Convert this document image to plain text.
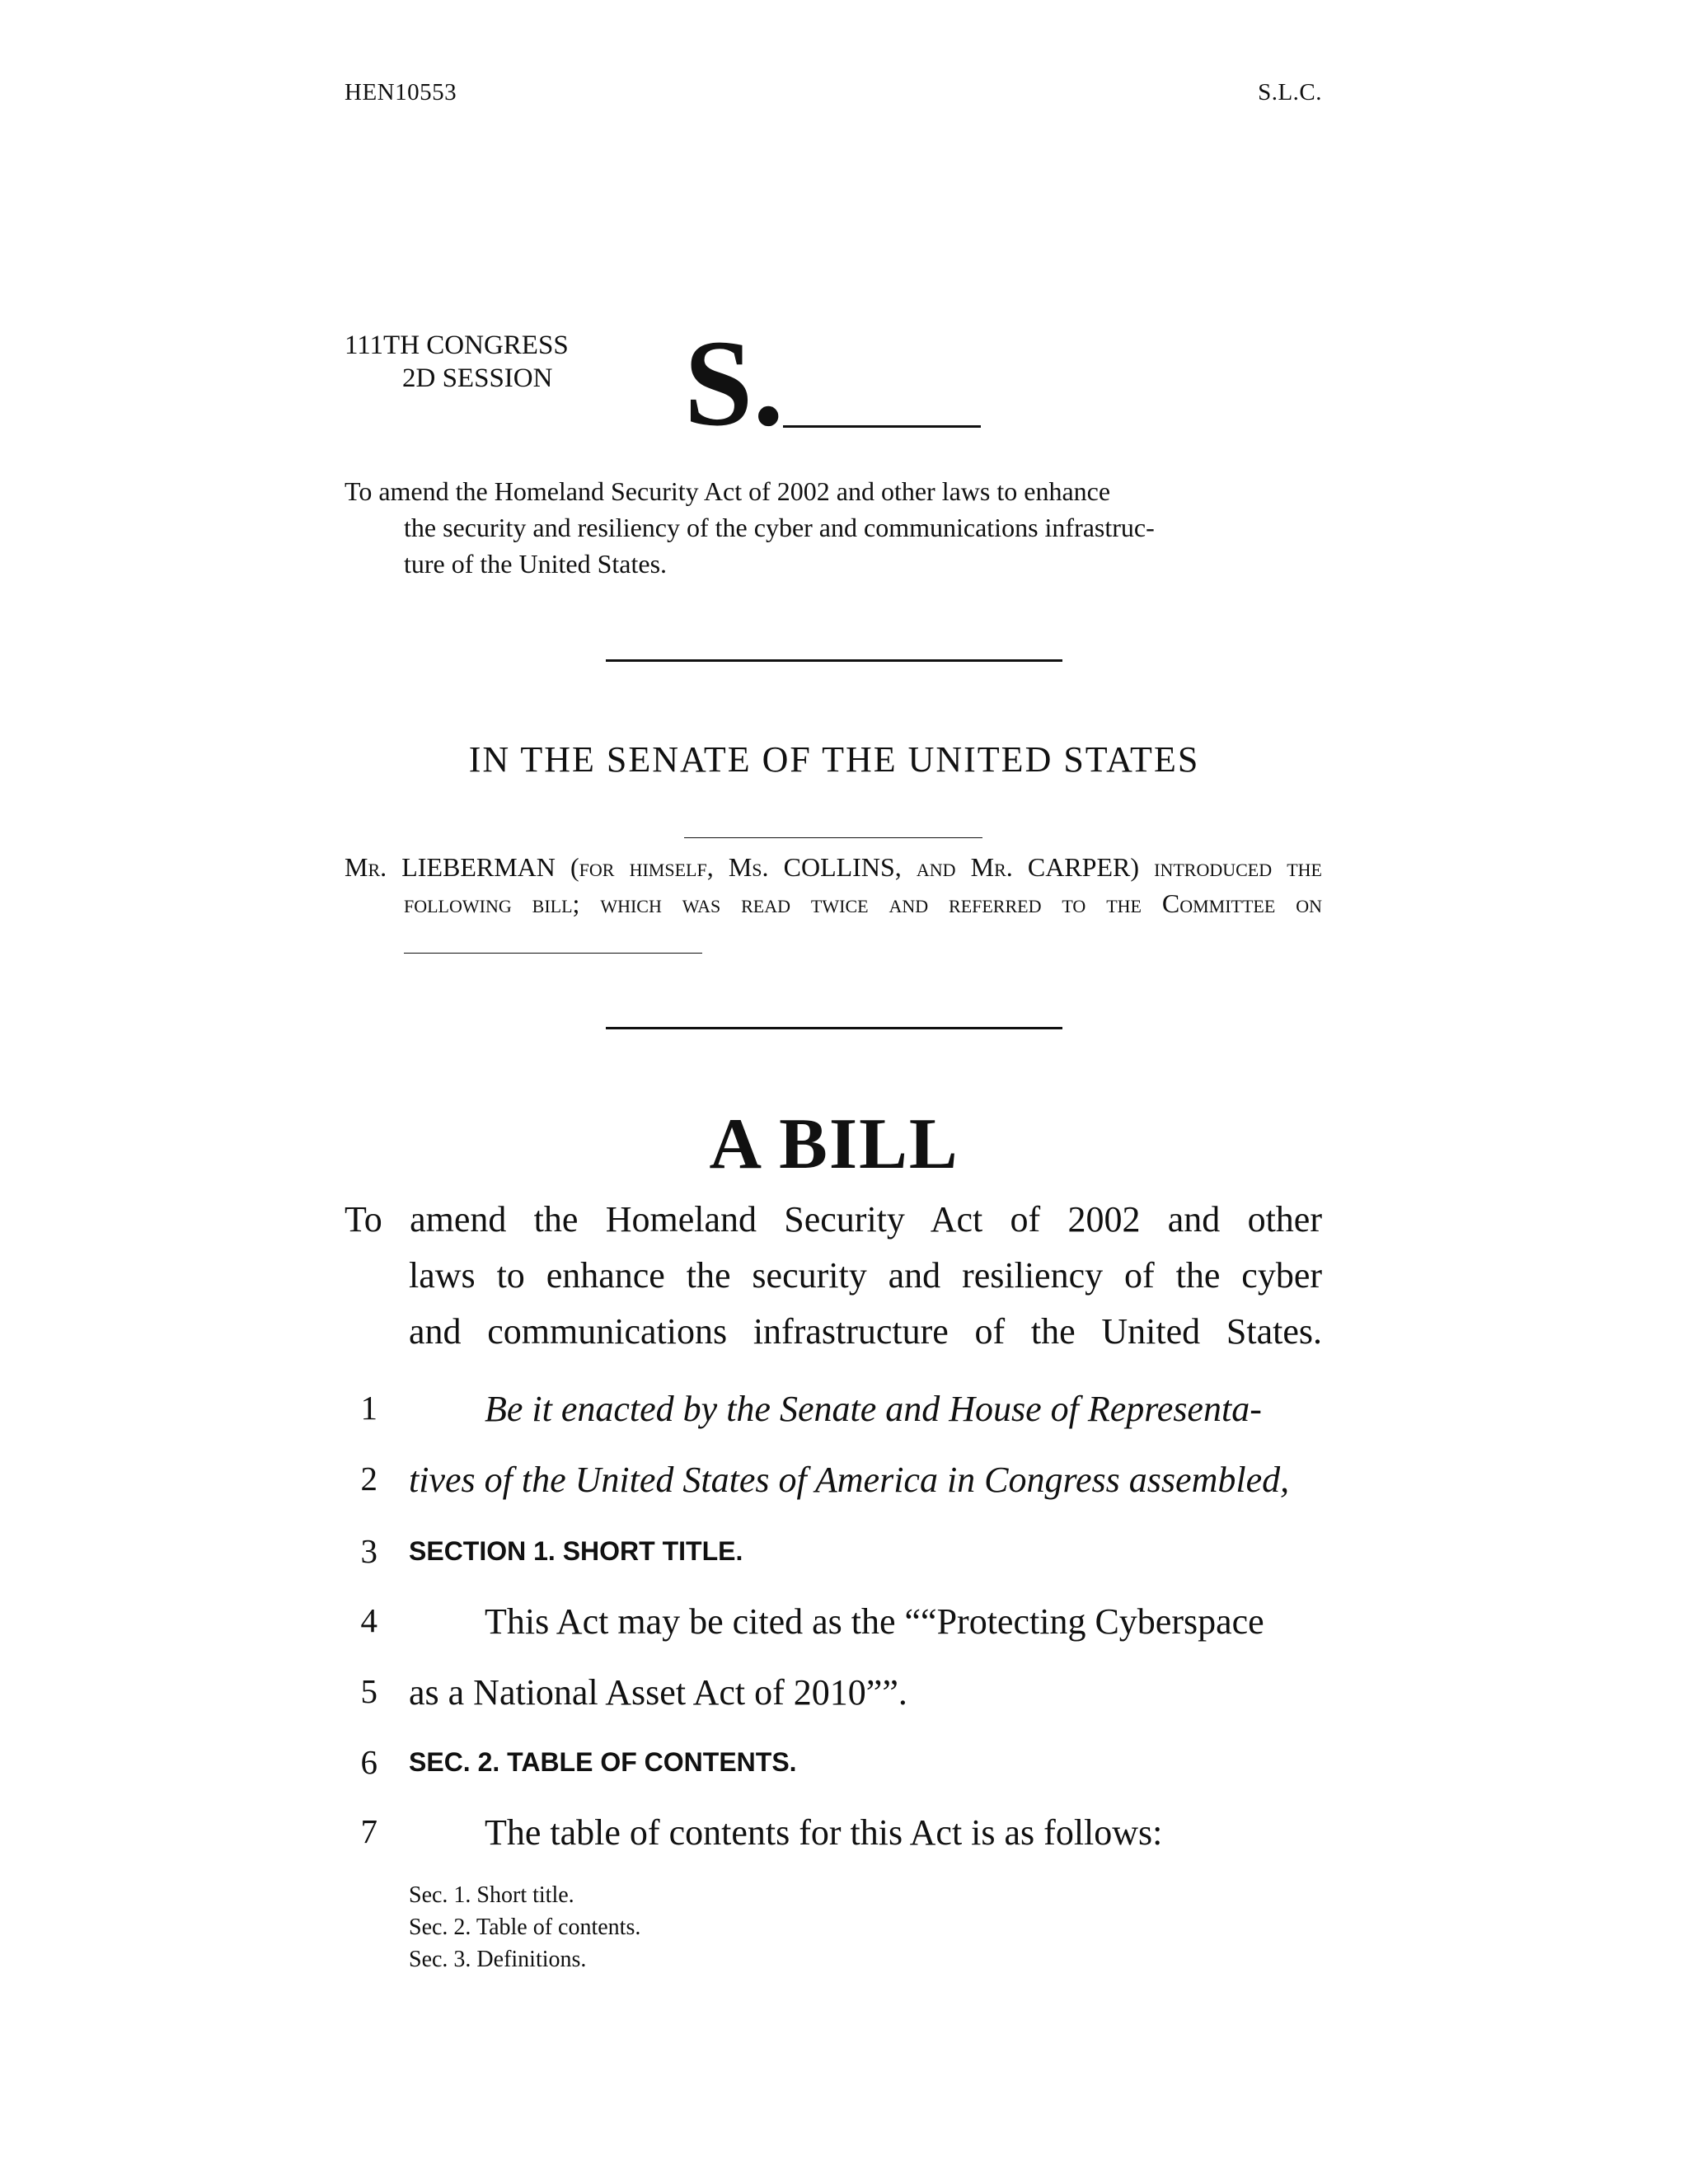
HEN10553	S.L.C.
111TH CONGRESS
2D SESSION S.
To amend the Homeland Security Act of 2002 and other laws to enhance
the security and resiliency of the cyber and communications infrastruc-
ture of the United States.
IN THE SENATE OF THE UNITED STATES
Mr. LIEBERMAN (for himself, Ms. COLLINS, and Mr. CARPER) introduced the
following bill; which was read twice and referred to the Committee on
A BILL
To amend the Homeland Security Act of 2002 and other
laws to enhance the security and resiliency of the cyber
and communications infrastructure of the United States.
1	Be it enacted by the Senate and House of Representa-
2 tives of the United States of America in Congress assembled,
3 SECTION 1. SHORT TITLE.
4	This Act may be cited as the ““Protecting Cyberspace
5 as a National Asset Act of 2010””.
6 SEC. 2. TABLE OF CONTENTS.
7	The table of contents for this Act is as follows:
Sec. 1. Short title.
Sec. 2. Table of contents.
Sec. 3. Definitions.
